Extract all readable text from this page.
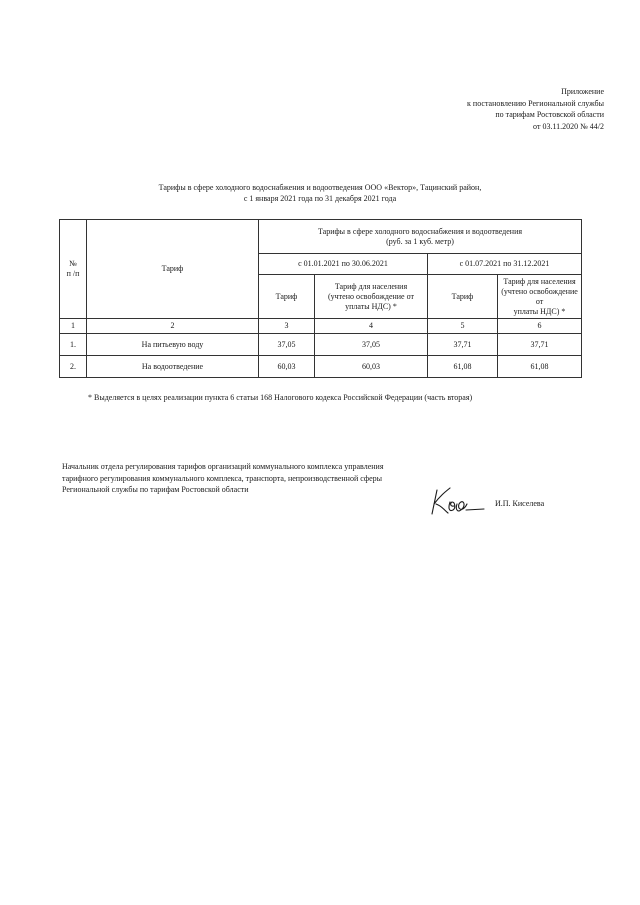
Приложение
к постановлению Региональной службы
по тарифам Ростовской области
от 03.11.2020 № 44/2
Тарифы в сфере холодного водоснабжения и водоотведения ООО «Вектор», Тацинский район,
с 1 января 2021 года по 31 декабря 2021 года
№
п /п	Тариф	Тарифы в сфере холодного водоснабжения и водоотведения
(руб. за 1 куб. метр)			
		с 01.01.2021 по 30.06.2021		с 01.07.2021 по 31.12.2021	
		Тариф	Тариф для населения
(учтено освобождение от
уплаты НДС) *	Тариф	Тариф для населения
(учтено освобождение от
уплаты НДС) *
1	2	3	4	5	6
1.	На питьевую воду	37,05	37,05	37,71	37,71
2.	На водоотведение	60,03	60,03	61,08	61,08
* Выделяется в целях реализации пункта 6 статьи 168 Налогового кодекса Российской Федерации (часть вторая)
Начальник отдела регулирования тарифов организаций коммунального комплекса управления
тарифного регулирования коммунального комплекса, транспорта, непроизводственной сферы
Региональной службы по тарифам Ростовской области
И.П. Киселева
